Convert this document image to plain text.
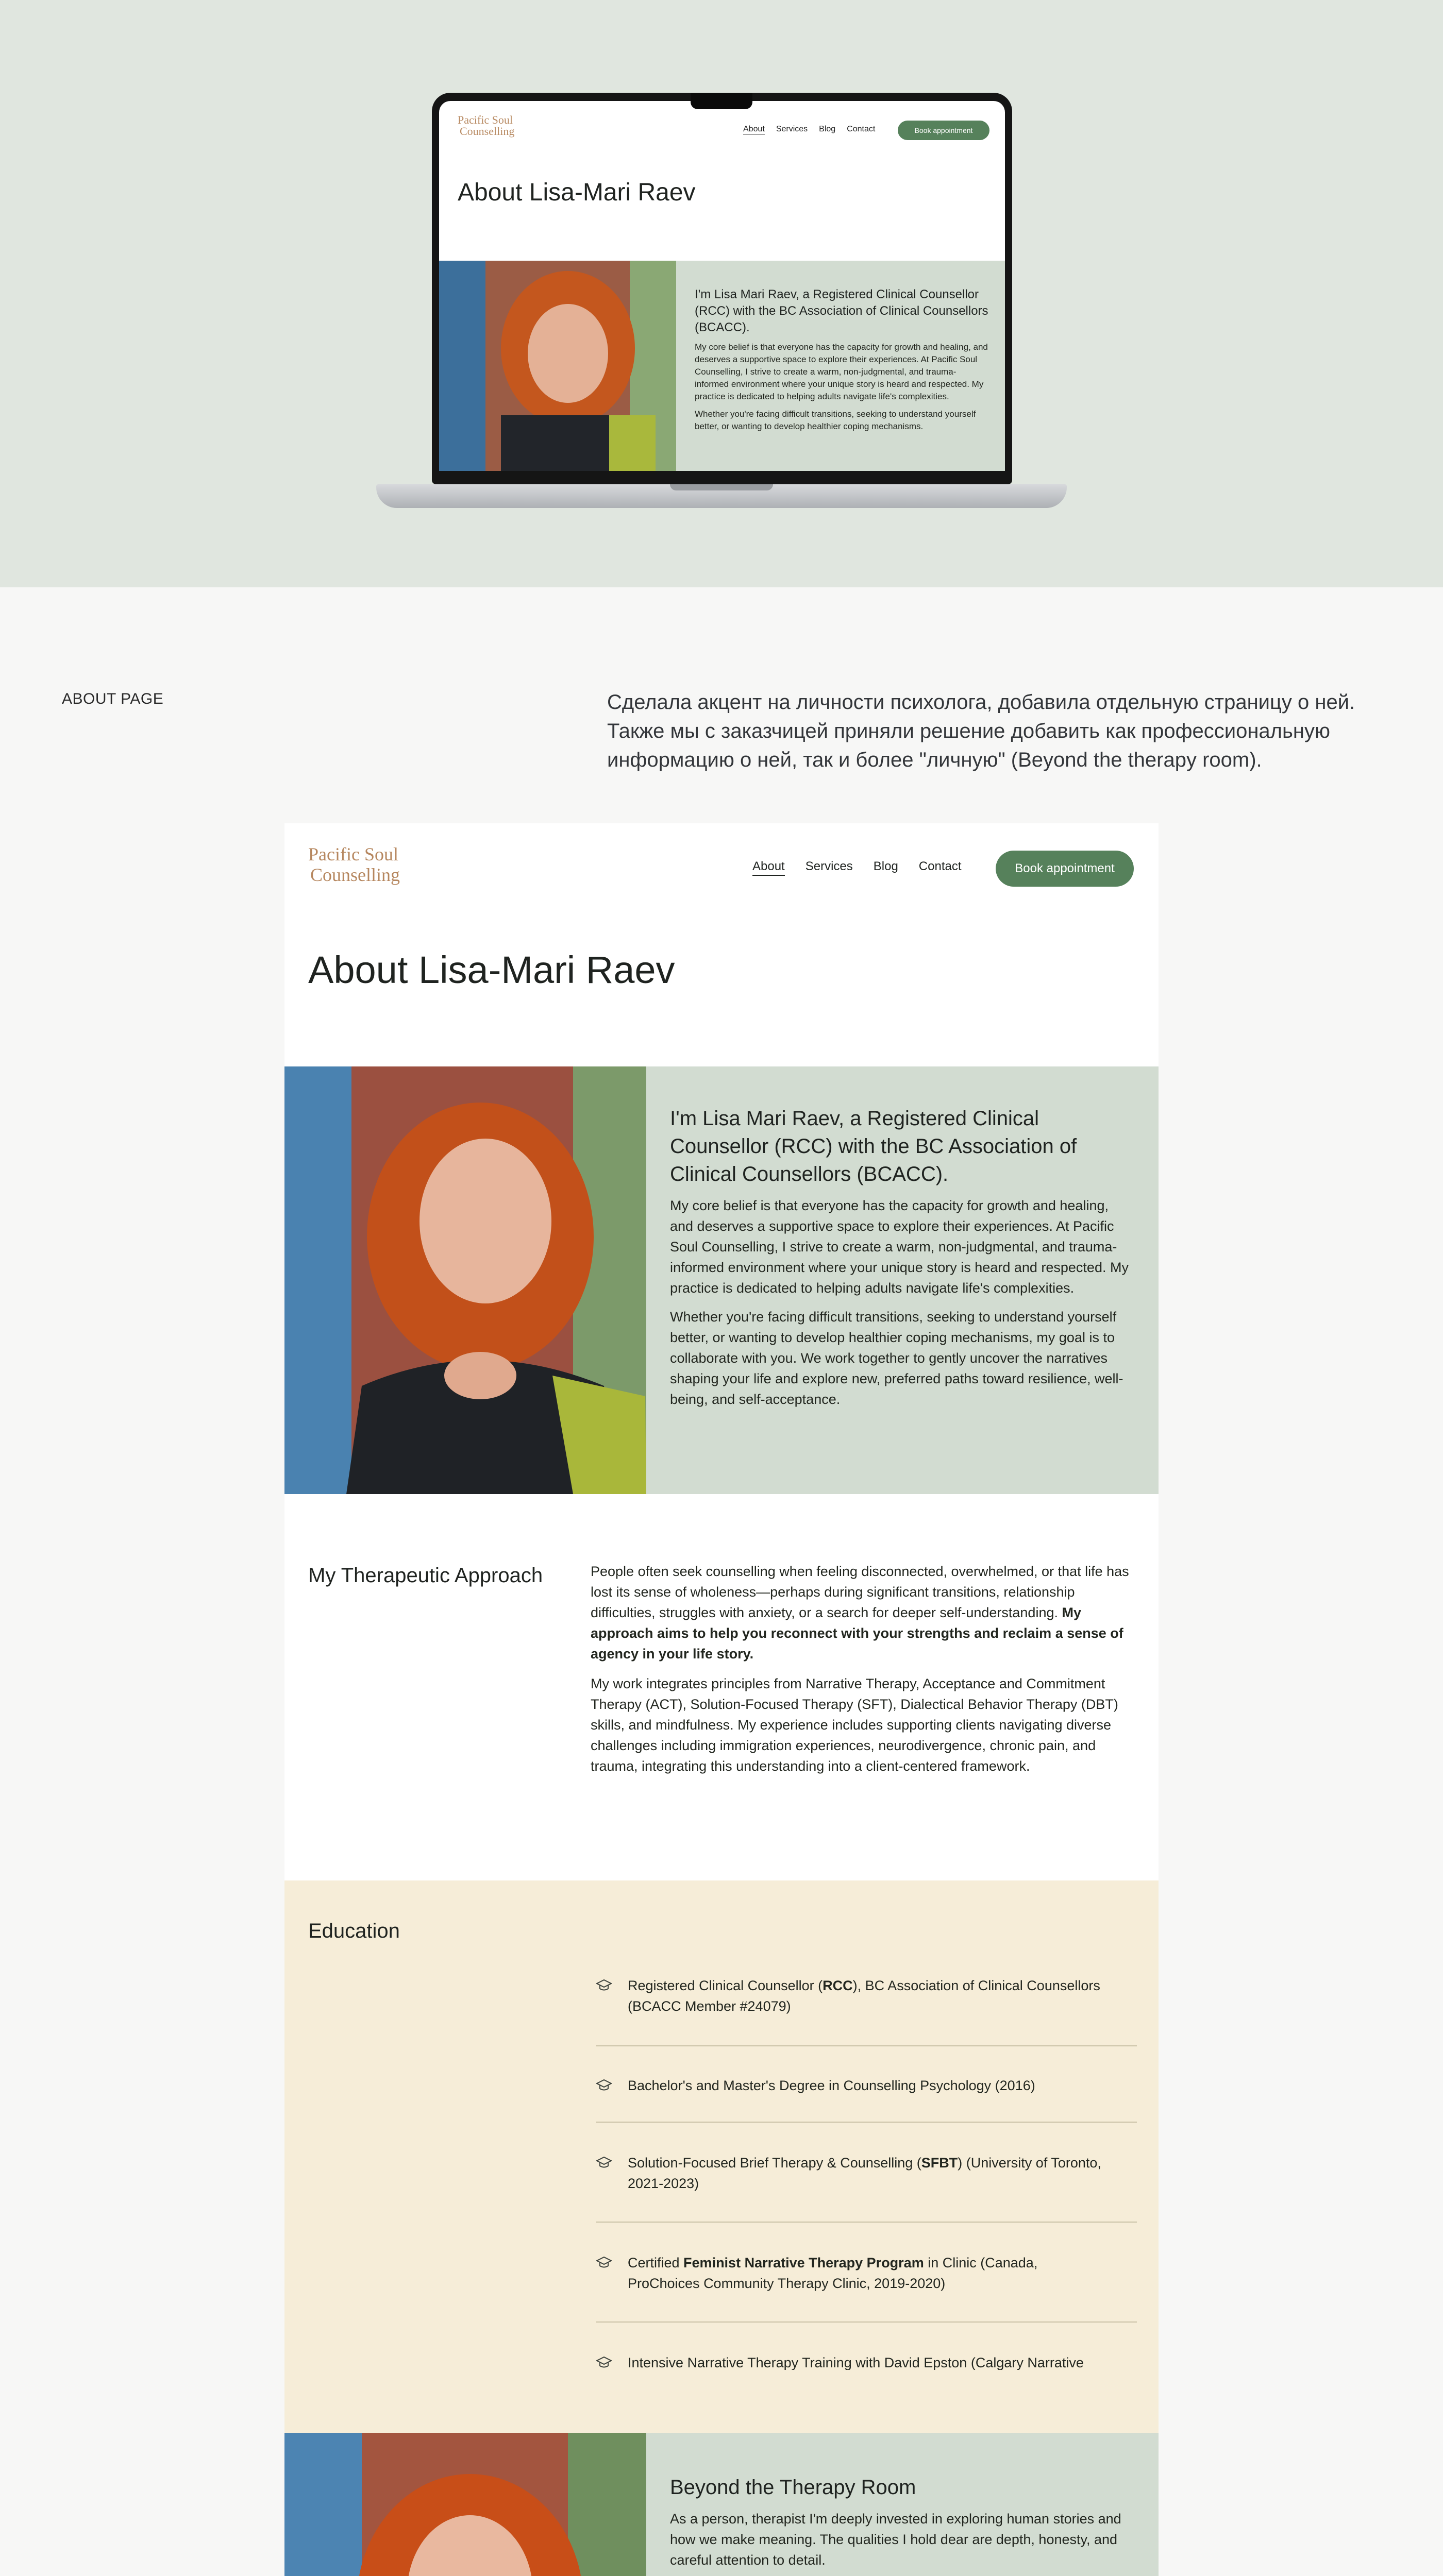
Pacific Soul
Counselling	About Services Blog Contact	Book appointment
About Lisa-Mari Raev
I'm Lisa Mari Raev, a Registered Clinical Counsellor (RCC) with the BC Association of Clinical Counsellors (BCACC).
My core belief is that everyone has the capacity for growth and healing, and deserves a supportive space to explore their experiences. At Pacific Soul Counselling, I strive to create a warm, non-judgmental, and trauma-informed environment where your unique story is heard and respected. My practice is dedicated to helping adults navigate life's complexities.
Whether you're facing difficult transitions, seeking to understand yourself better, or wanting to develop healthier coping mechanisms.
ABOUT PAGE	Сделала акцент на личности психолога, добавила отдельную страницу о ней. Также мы с заказчицей приняли решение добавить как профессиональную информацию о ней, так и более "личную" (Beyond the therapy room).
Pacific Soul
Counselling	About Services Blog Contact	Book appointment
About Lisa-Mari Raev
I'm Lisa Mari Raev, a Registered Clinical Counsellor (RCC) with the BC Association of Clinical Counsellors (BCACC).
My core belief is that everyone has the capacity for growth and healing, and deserves a supportive space to explore their experiences. At Pacific Soul Counselling, I strive to create a warm, non-judgmental, and trauma-informed environment where your unique story is heard and respected. My practice is dedicated to helping adults navigate life's complexities.
Whether you're facing difficult transitions, seeking to understand yourself better, or wanting to develop healthier coping mechanisms, my goal is to collaborate with you. We work together to gently uncover the narratives shaping your life and explore new, preferred paths toward resilience, well-being, and self-acceptance.
My Therapeutic Approach	People often seek counselling when feeling disconnected, overwhelmed, or that life has lost its sense of wholeness—perhaps during significant transitions, relationship difficulties, struggles with anxiety, or a search for deeper self-understanding. My approach aims to help you reconnect with your strengths and reclaim a sense of agency in your life story.
My work integrates principles from Narrative Therapy, Acceptance and Commitment Therapy (ACT), Solution-Focused Therapy (SFT), Dialectical Behavior Therapy (DBT) skills, and mindfulness. My experience includes supporting clients navigating diverse challenges including immigration experiences, neurodivergence, chronic pain, and trauma, integrating this understanding into a client-centered framework.
Education
Registered Clinical Counsellor (RCC), BC Association of Clinical Counsellors (BCACC Member #24079)
Bachelor's and Master's Degree in Counselling Psychology (2016)
Solution-Focused Brief Therapy & Counselling (SFBT) (University of Toronto, 2021-2023)
Certified Feminist Narrative Therapy Program in Clinic (Canada, ProChoices Community Therapy Clinic, 2019-2020)
Intensive Narrative Therapy Training with David Epston (Calgary Narrative
Beyond the Therapy Room
As a person, therapist I'm deeply invested in exploring human stories and how we make meaning. The qualities I hold dear are depth, honesty, and careful attention to detail.
